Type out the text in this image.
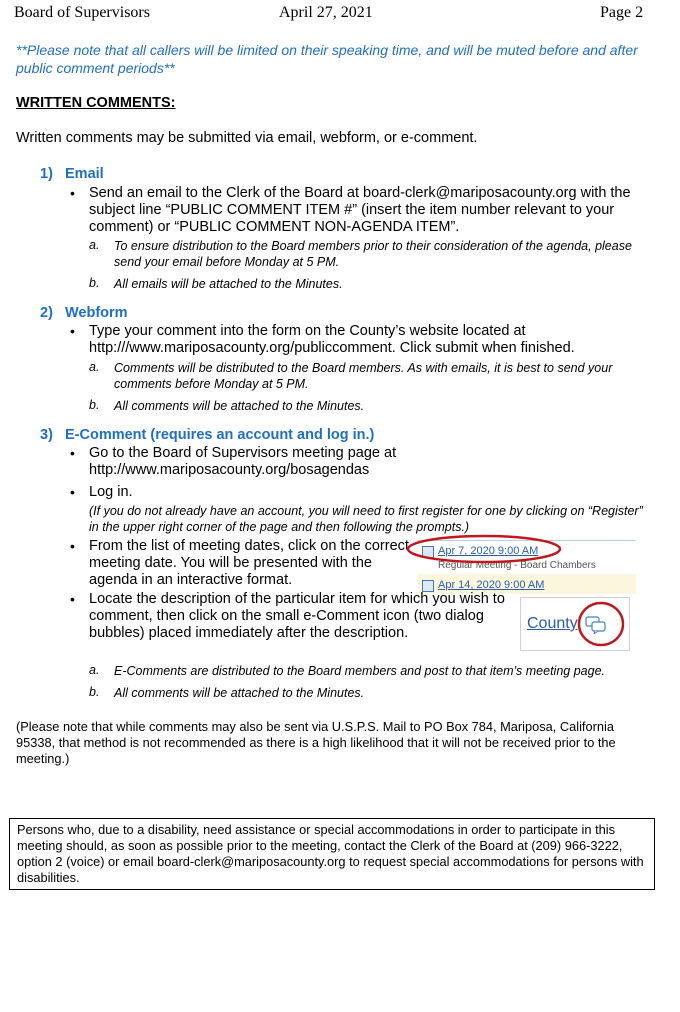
Board of Supervisors	April 27, 2021	Page 2
**Please note that all callers will be limited on their speaking time, and will be muted before and after public comment periods**
WRITTEN COMMENTS:
Written comments may be submitted via email, webform, or e-comment.
1) Email
• Send an email to the Clerk of the Board at board-clerk@mariposacounty.org with the subject line “PUBLIC COMMENT ITEM #” (insert the item number relevant to your comment) or “PUBLIC COMMENT NON-AGENDA ITEM”.
a. To ensure distribution to the Board members prior to their consideration of the agenda, please send your email before Monday at 5 PM.
b. All emails will be attached to the Minutes.
2) Webform
• Type your comment into the form on the County’s website located at http:///www.mariposacounty.org/publiccomment. Click submit when finished.
a. Comments will be distributed to the Board members. As with emails, it is best to send your comments before Monday at 5 PM.
b. All comments will be attached to the Minutes.
3) E-Comment (requires an account and log in.)
• Go to the Board of Supervisors meeting page at http://www.mariposacounty.org/bosagendas
• Log in.
(If you do not already have an account, you will need to first register for one by clicking on “Register” in the upper right corner of the page and then following the prompts.)
• From the list of meeting dates, click on the correct meeting date. You will be presented with the agenda in an interactive format.
Apr 7, 2020 9:00 AM
Regular Meeting - Board Chambers
Apr 14, 2020 9:00 AM
• Locate the description of the particular item for which you wish to comment, then click on the small e-Comment icon (two dialog bubbles) placed immediately after the description.
County
a. E-Comments are distributed to the Board members and post to that item’s meeting page.
b. All comments will be attached to the Minutes.
(Please note that while comments may also be sent via U.S.P.S. Mail to PO Box 784, Mariposa, California 95338, that method is not recommended as there is a high likelihood that it will not be received prior to the meeting.)
Persons who, due to a disability, need assistance or special accommodations in order to participate in this meeting should, as soon as possible prior to the meeting, contact the Clerk of the Board at (209) 966-3222, option 2 (voice) or email board-clerk@mariposacounty.org to request special accommodations for persons with disabilities.
